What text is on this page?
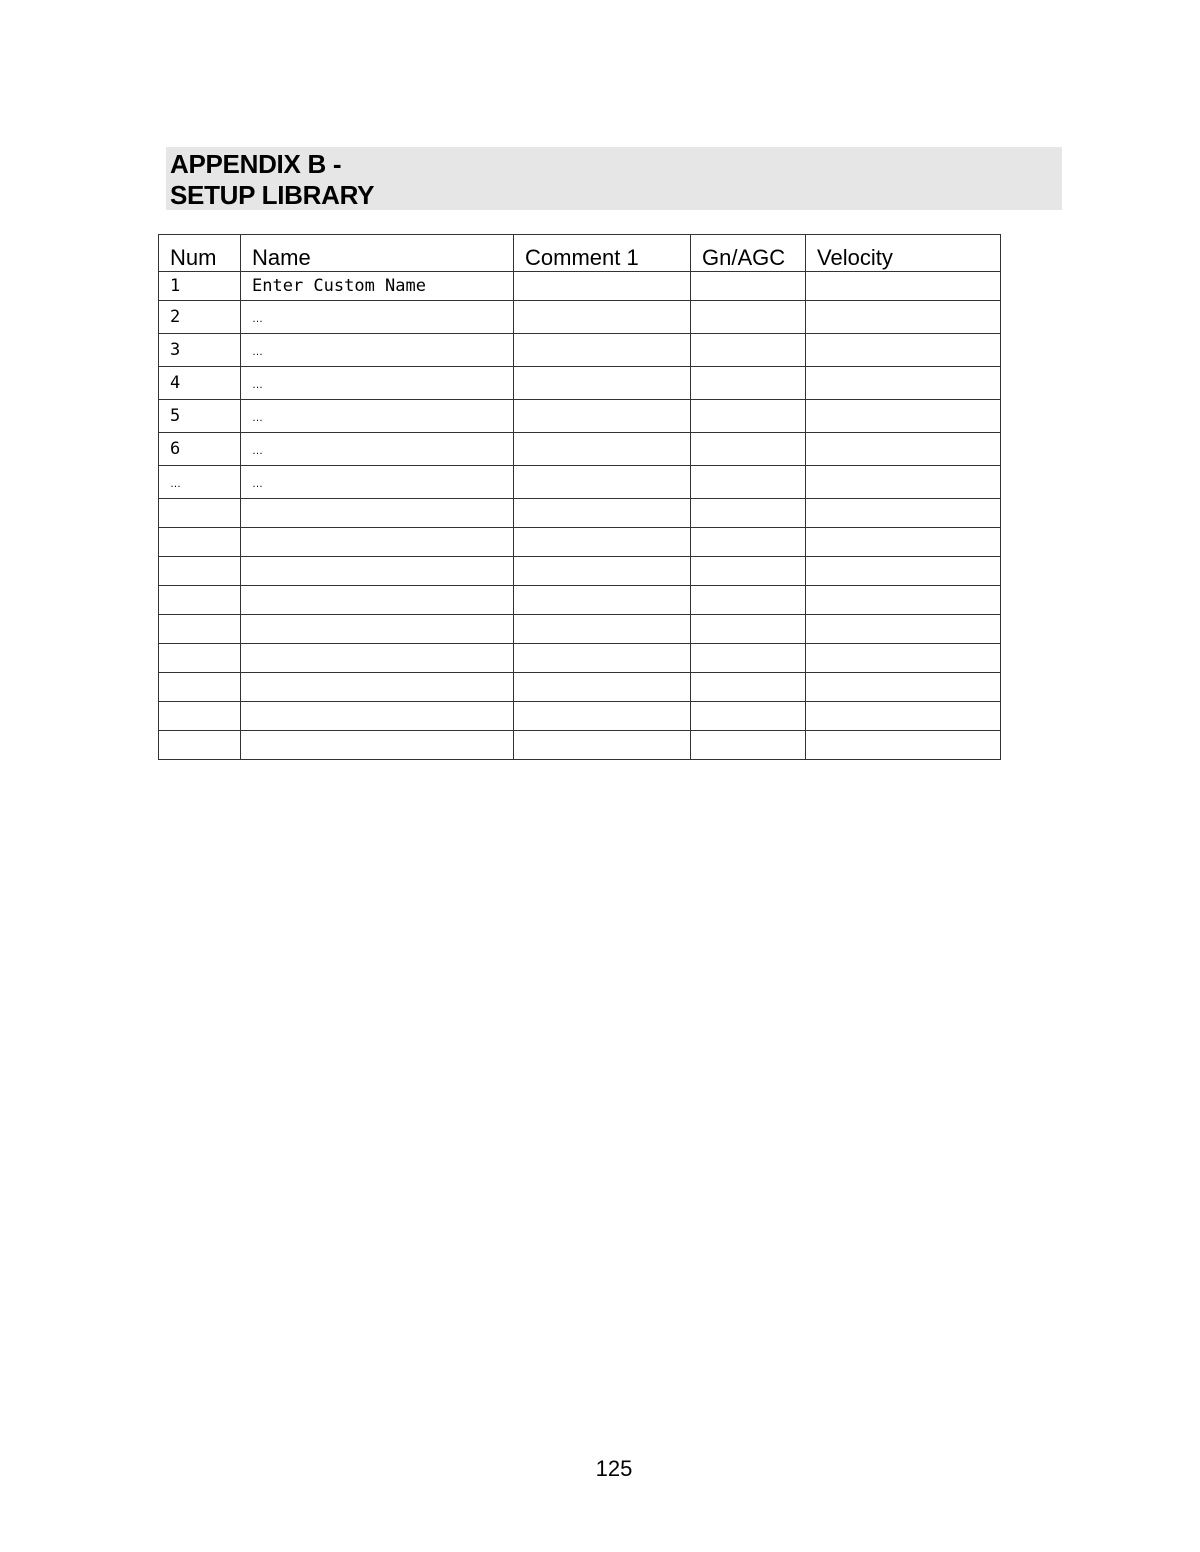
APPENDIX B -
SETUP LIBRARY
Num	Name	Comment 1	Gn/AGC	Velocity
1	Enter Custom Name			
2	…			
3	…			
4	…			
5	…			
6	…			
…	…			

125
